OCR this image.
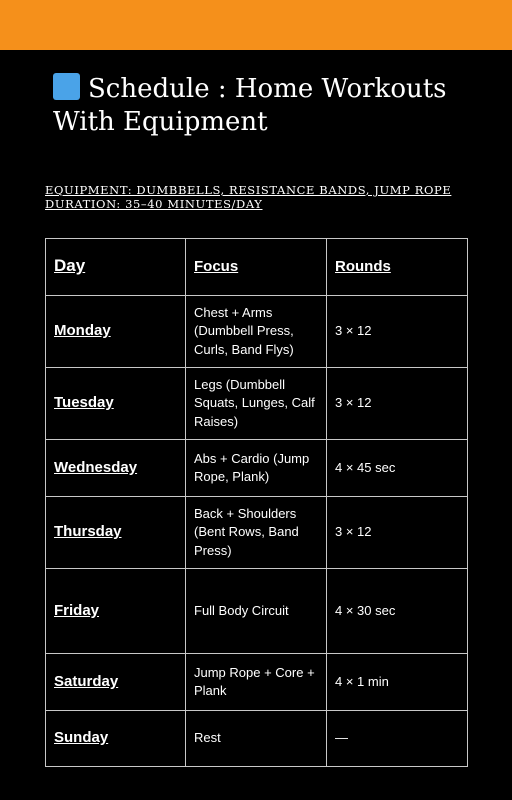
Schedule : Home Workouts With Equipment
EQUIPMENT: DUMBBELLS, RESISTANCE BANDS, JUMP ROPE
DURATION: 35–40 MINUTES/DAY
Day	Focus	Rounds
Monday	Chest + Arms (Dumbbell Press, Curls, Band Flys)	3 × 12
Tuesday	Legs (Dumbbell Squats, Lunges, Calf Raises)	3 × 12
Wednesday	Abs + Cardio (Jump Rope, Plank)	4 × 45 sec
Thursday	Back + Shoulders (Bent Rows, Band Press)	3 × 12
Friday	Full Body Circuit	4 × 30 sec
Saturday	Jump Rope + Core + Plank	4 × 1 min
Sunday	Rest	—
